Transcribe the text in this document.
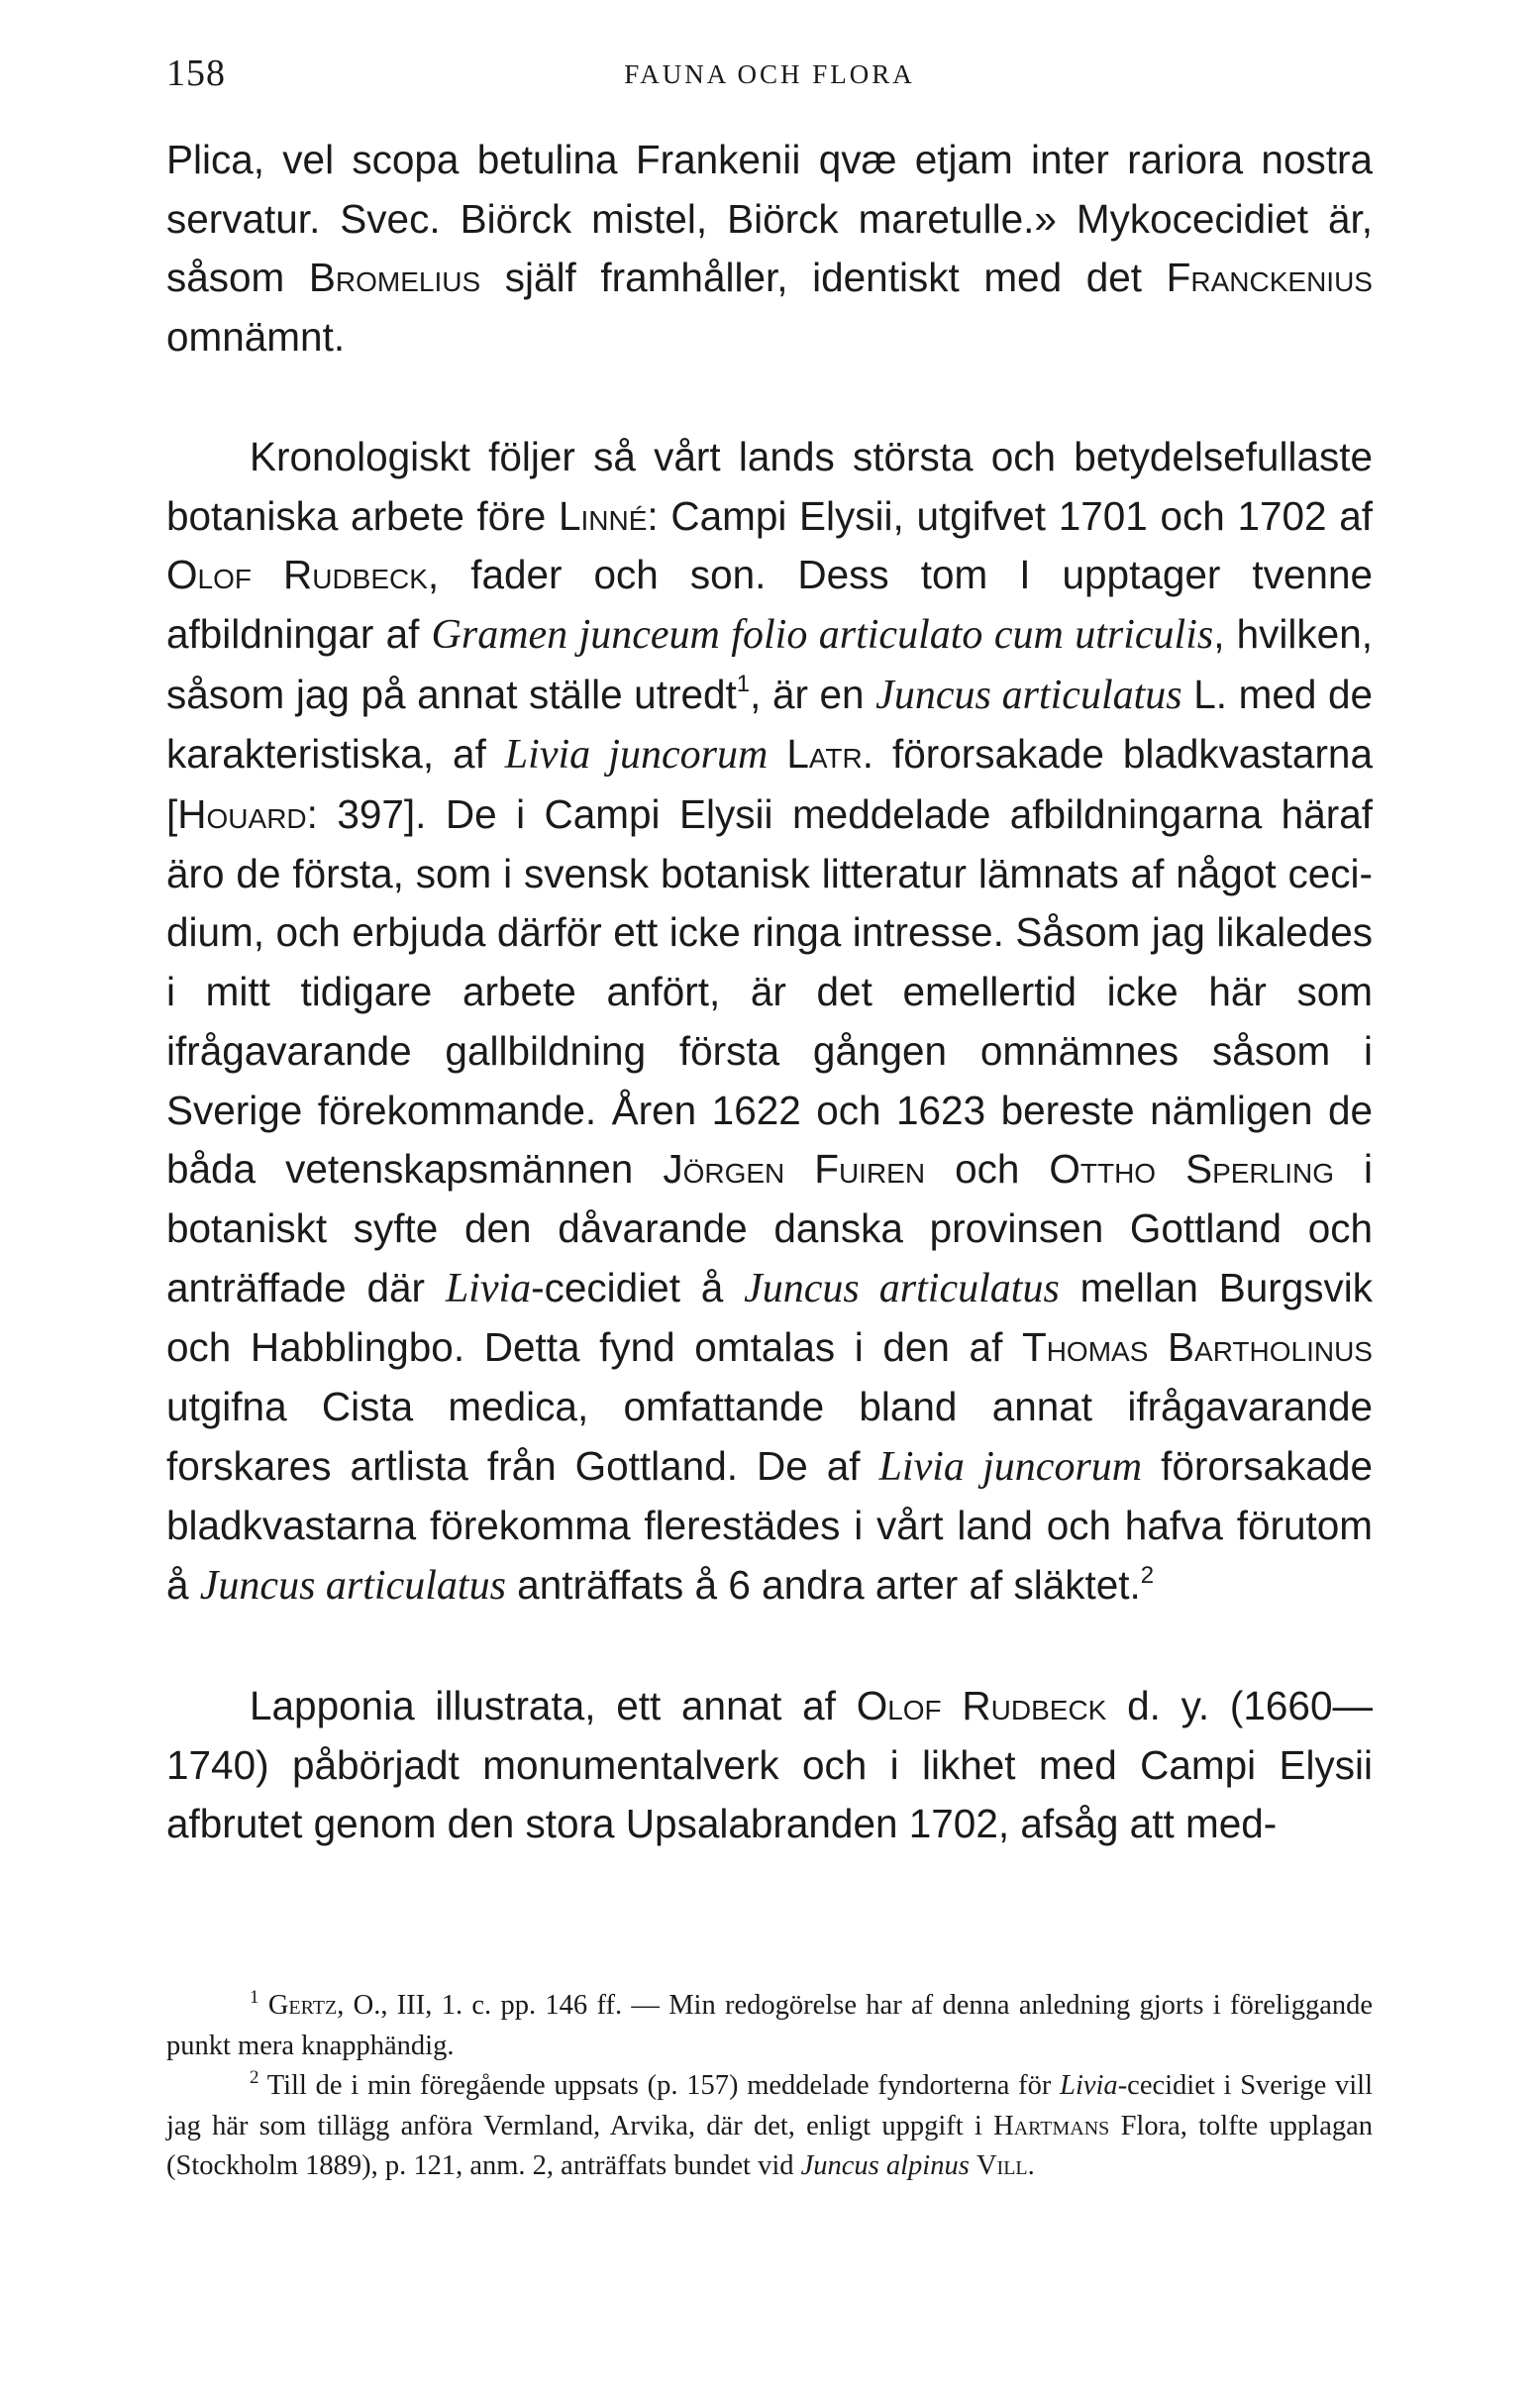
158	FAUNA OCH FLORA

Plica, vel scopa betulina Frankenii qvæ etjam inter rariora nostra servatur. Svec. Biörck mistel, Biörck maretulle.» Mykocecidiet är, såsom Bromelius själf framhåller, identiskt med det Franckenius omnämnt.

Kronologiskt följer så vårt lands största och betydelsefullaste botaniska arbete före Linné: Campi Elysii, utgifvet 1701 och 1702 af Olof Rudbeck, fader och son. Dess tom I upptager tvenne afbildningar af Gramen junceum folio articulato cum utriculis, hvilken, såsom jag på annat ställe utredt$^1$, är en Juncus articulatus L. med de karakteristiska, af Livia juncorum Latr. förorsakade bladkvastarna [Houard: 397]. De i Campi Elysii meddelade afbildningarna häraf äro de första, som i svensk botanisk litteratur lämnats af något cecidium, och erbjuda därför ett icke ringa intresse. Såsom jag likaledes i mitt tidigare arbete anfört, är det emellertid icke här som ifrågavarande gallbildning första gången omnämnes såsom i Sverige förekommande. Åren 1622 och 1623 bereste nämligen de båda vetenskapsmännen Jörgen Fuiren och Ottho Sperling i botaniskt syfte den dåvarande danska provinsen Gottland och anträffade där Livia-cecidiet å Juncus articulatus mellan Burgsvik och Habblingbo. Detta fynd omtalas i den af Thomas Bartholinus utgifna Cista medica, omfattande bland annat ifrågavarande forskares artlista från Gottland. De af Livia juncorum förorsakade bladkvastarna förekomma flerestädes i vårt land och hafva förutom å Juncus articulatus anträffats å 6 andra arter af släktet.$^2$

Lapponia illustrata, ett annat af Olof Rudbeck d. y. (1660—1740) påbörjadt monumentalverk och i likhet med Campi Elysii afbrutet genom den stora Upsalabranden 1702, afsåg att med-

$^1$ Gertz, O., III, 1. c. pp. 146 ff. — Min redogörelse har af denna anledning gjorts i föreliggande punkt mera knapphändig.

$^2$ Till de i min föregående uppsats (p. 157) meddelade fyndorterna för Livia-cecidiet i Sverige vill jag här som tillägg anföra Vermland, Arvika, där det, enligt uppgift i Hartmans Flora, tolfte upplagan (Stockholm 1889), p. 121, anm. 2, anträffats bundet vid Juncus alpinus Vill.
